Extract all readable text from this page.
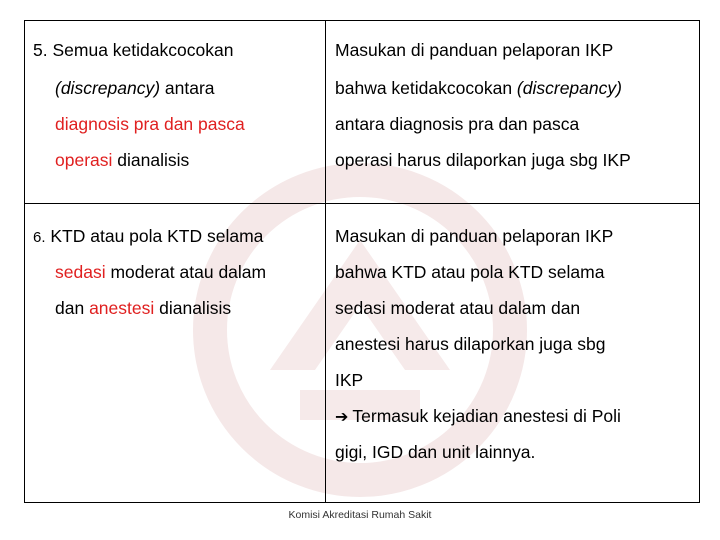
5. Semua ketidakcocokan
(discrepancy) antara
diagnosis pra dan pasca
operasi dianalisis
Masukan di panduan pelaporan IKP
bahwa ketidakcocokan (discrepancy)
antara diagnosis pra dan pasca
operasi harus dilaporkan juga sbg IKP
6. KTD atau pola KTD selama
sedasi moderat atau dalam
dan anestesi dianalisis
Masukan di panduan pelaporan IKP
bahwa KTD atau pola KTD selama
sedasi moderat atau dalam dan
anestesi harus dilaporkan juga sbg
IKP
➔ Termasuk kejadian anestesi di Poli
gigi, IGD dan unit lainnya.
Komisi Akreditasi Rumah Sakit
